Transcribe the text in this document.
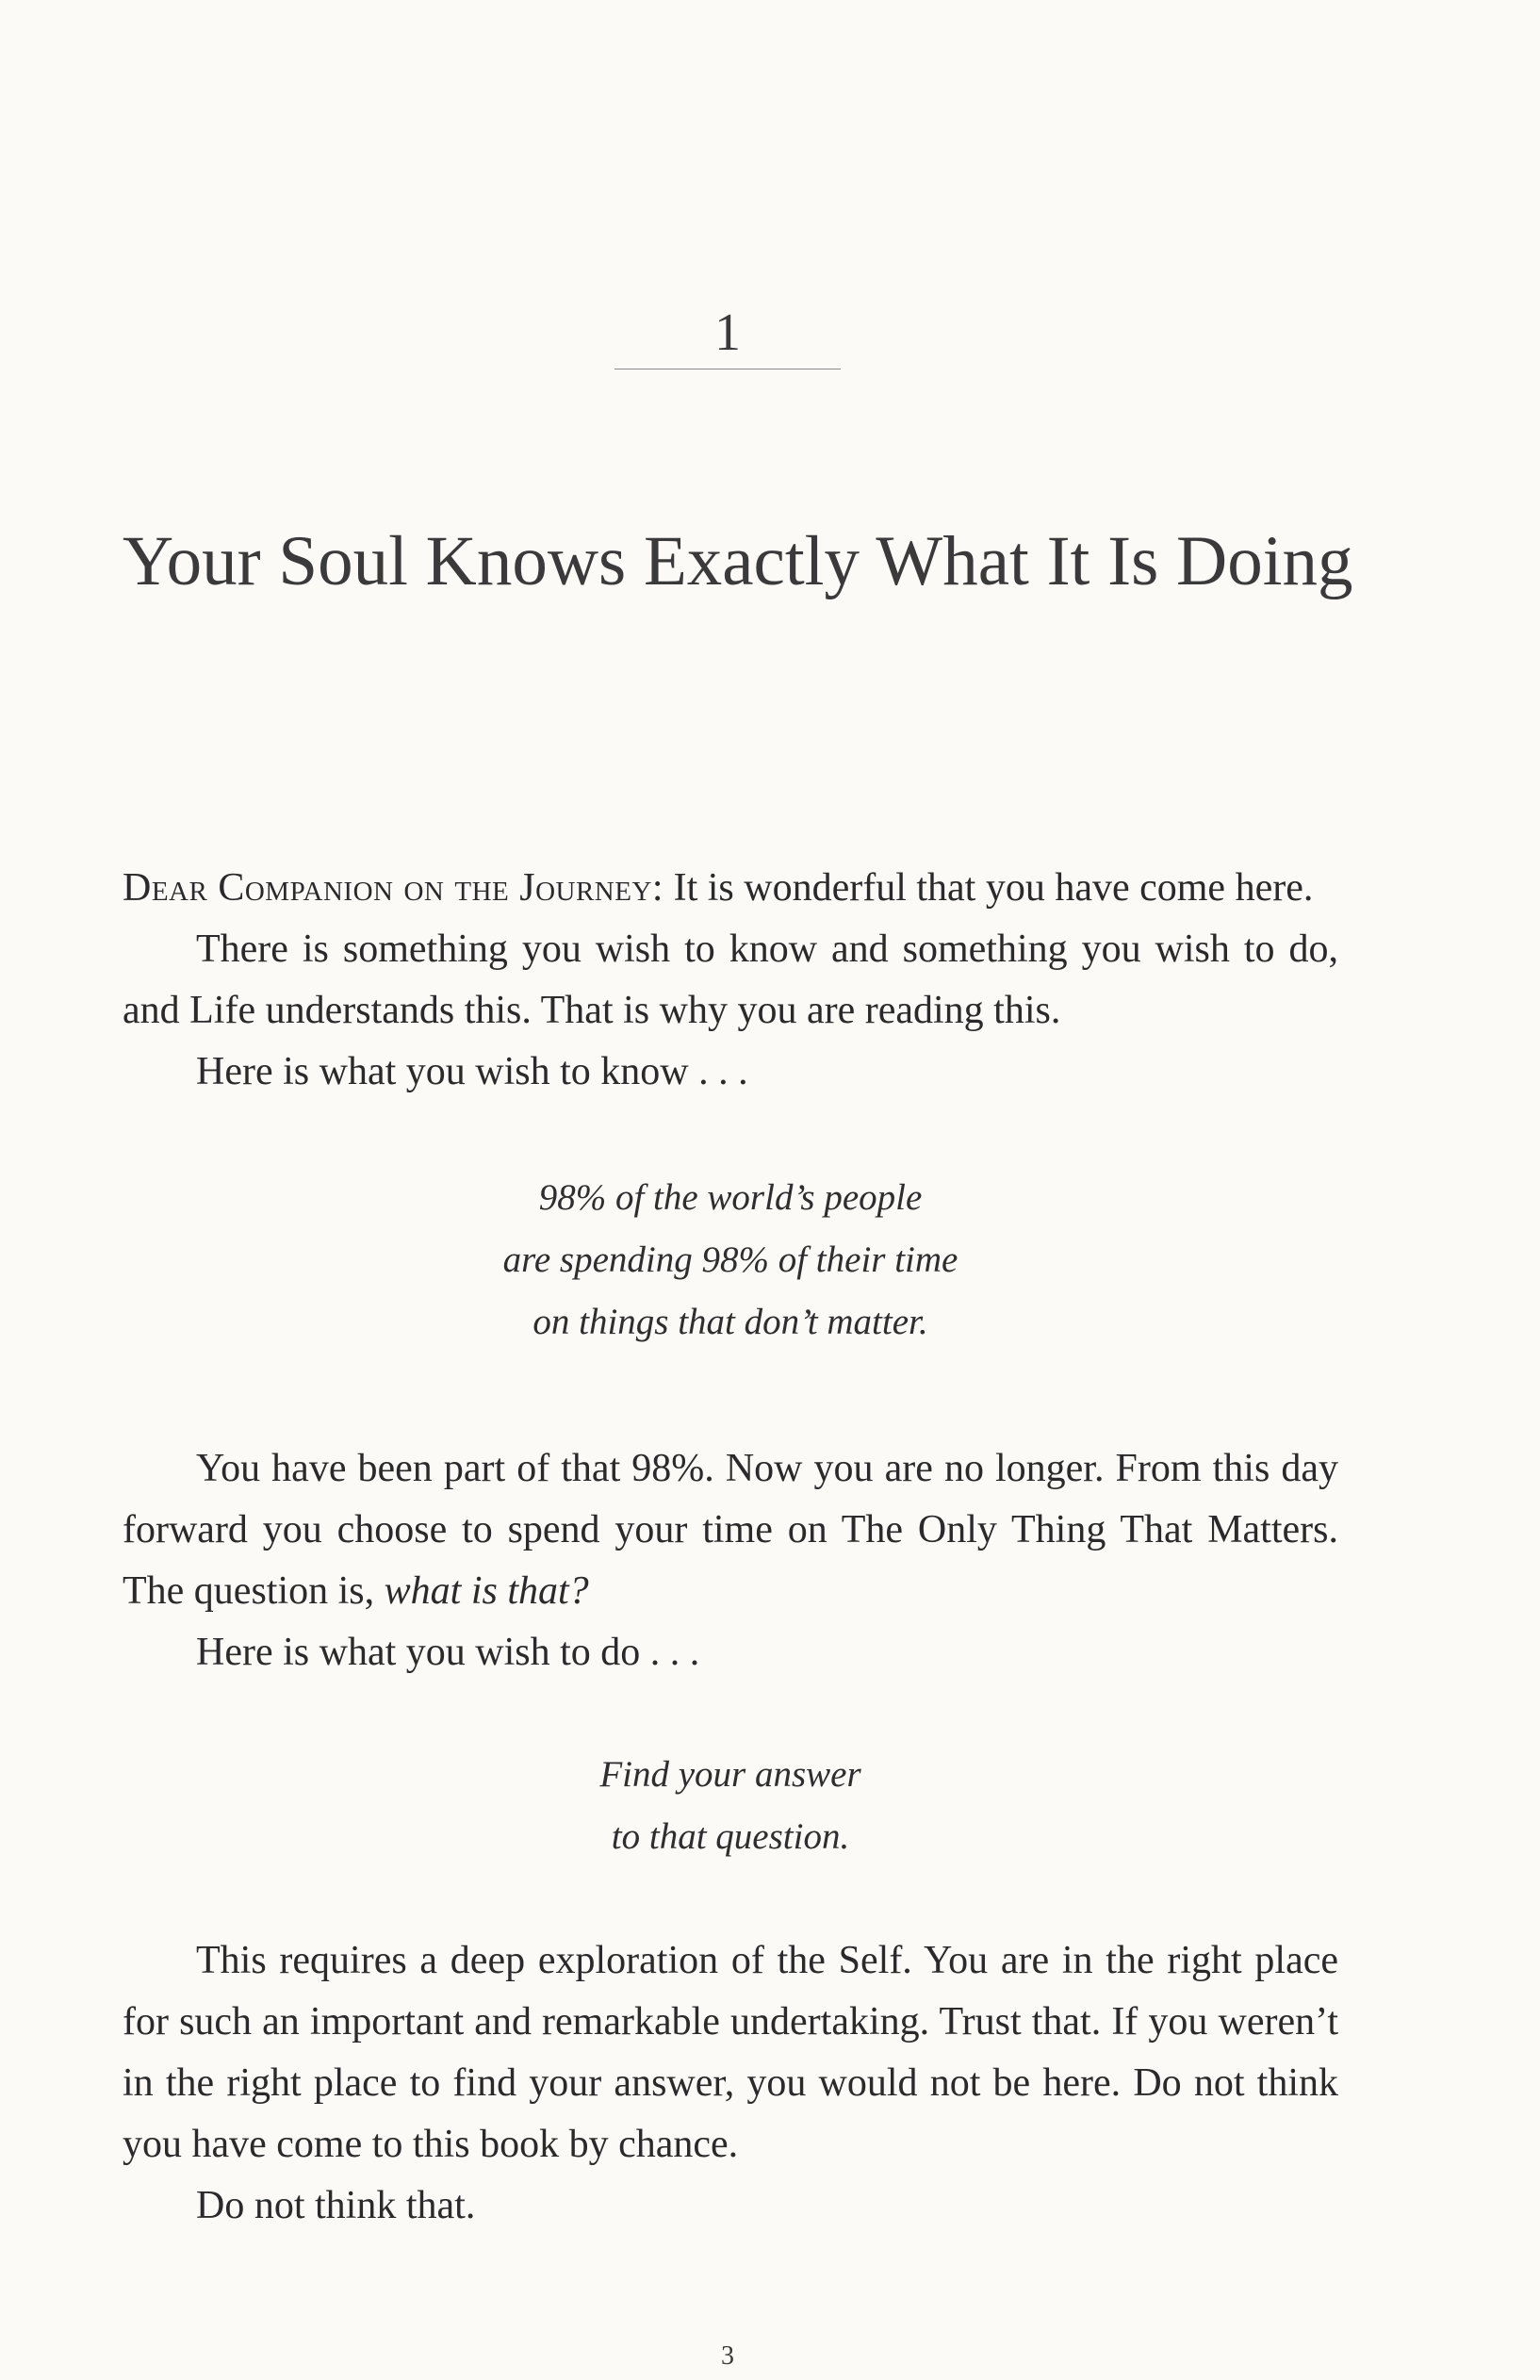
1
Your Soul Knows Exactly What It Is Doing

Dear Companion on the Journey: It is wonderful that you have come here.

There is something you wish to know and something you wish to do, and Life understands this. That is why you are reading this.

Here is what you wish to know . . .

98% of the world’s people
are spending 98% of their time
on things that don’t matter.

You have been part of that 98%. Now you are no longer. From this day forward you choose to spend your time on The Only Thing That Matters. The question is, what is that?

Here is what you wish to do . . .

Find your answer
to that question.

This requires a deep exploration of the Self. You are in the right place for such an important and remarkable undertaking. Trust that. If you weren’t in the right place to find your answer, you would not be here. Do not think you have come to this book by chance.

Do not think that.

3
